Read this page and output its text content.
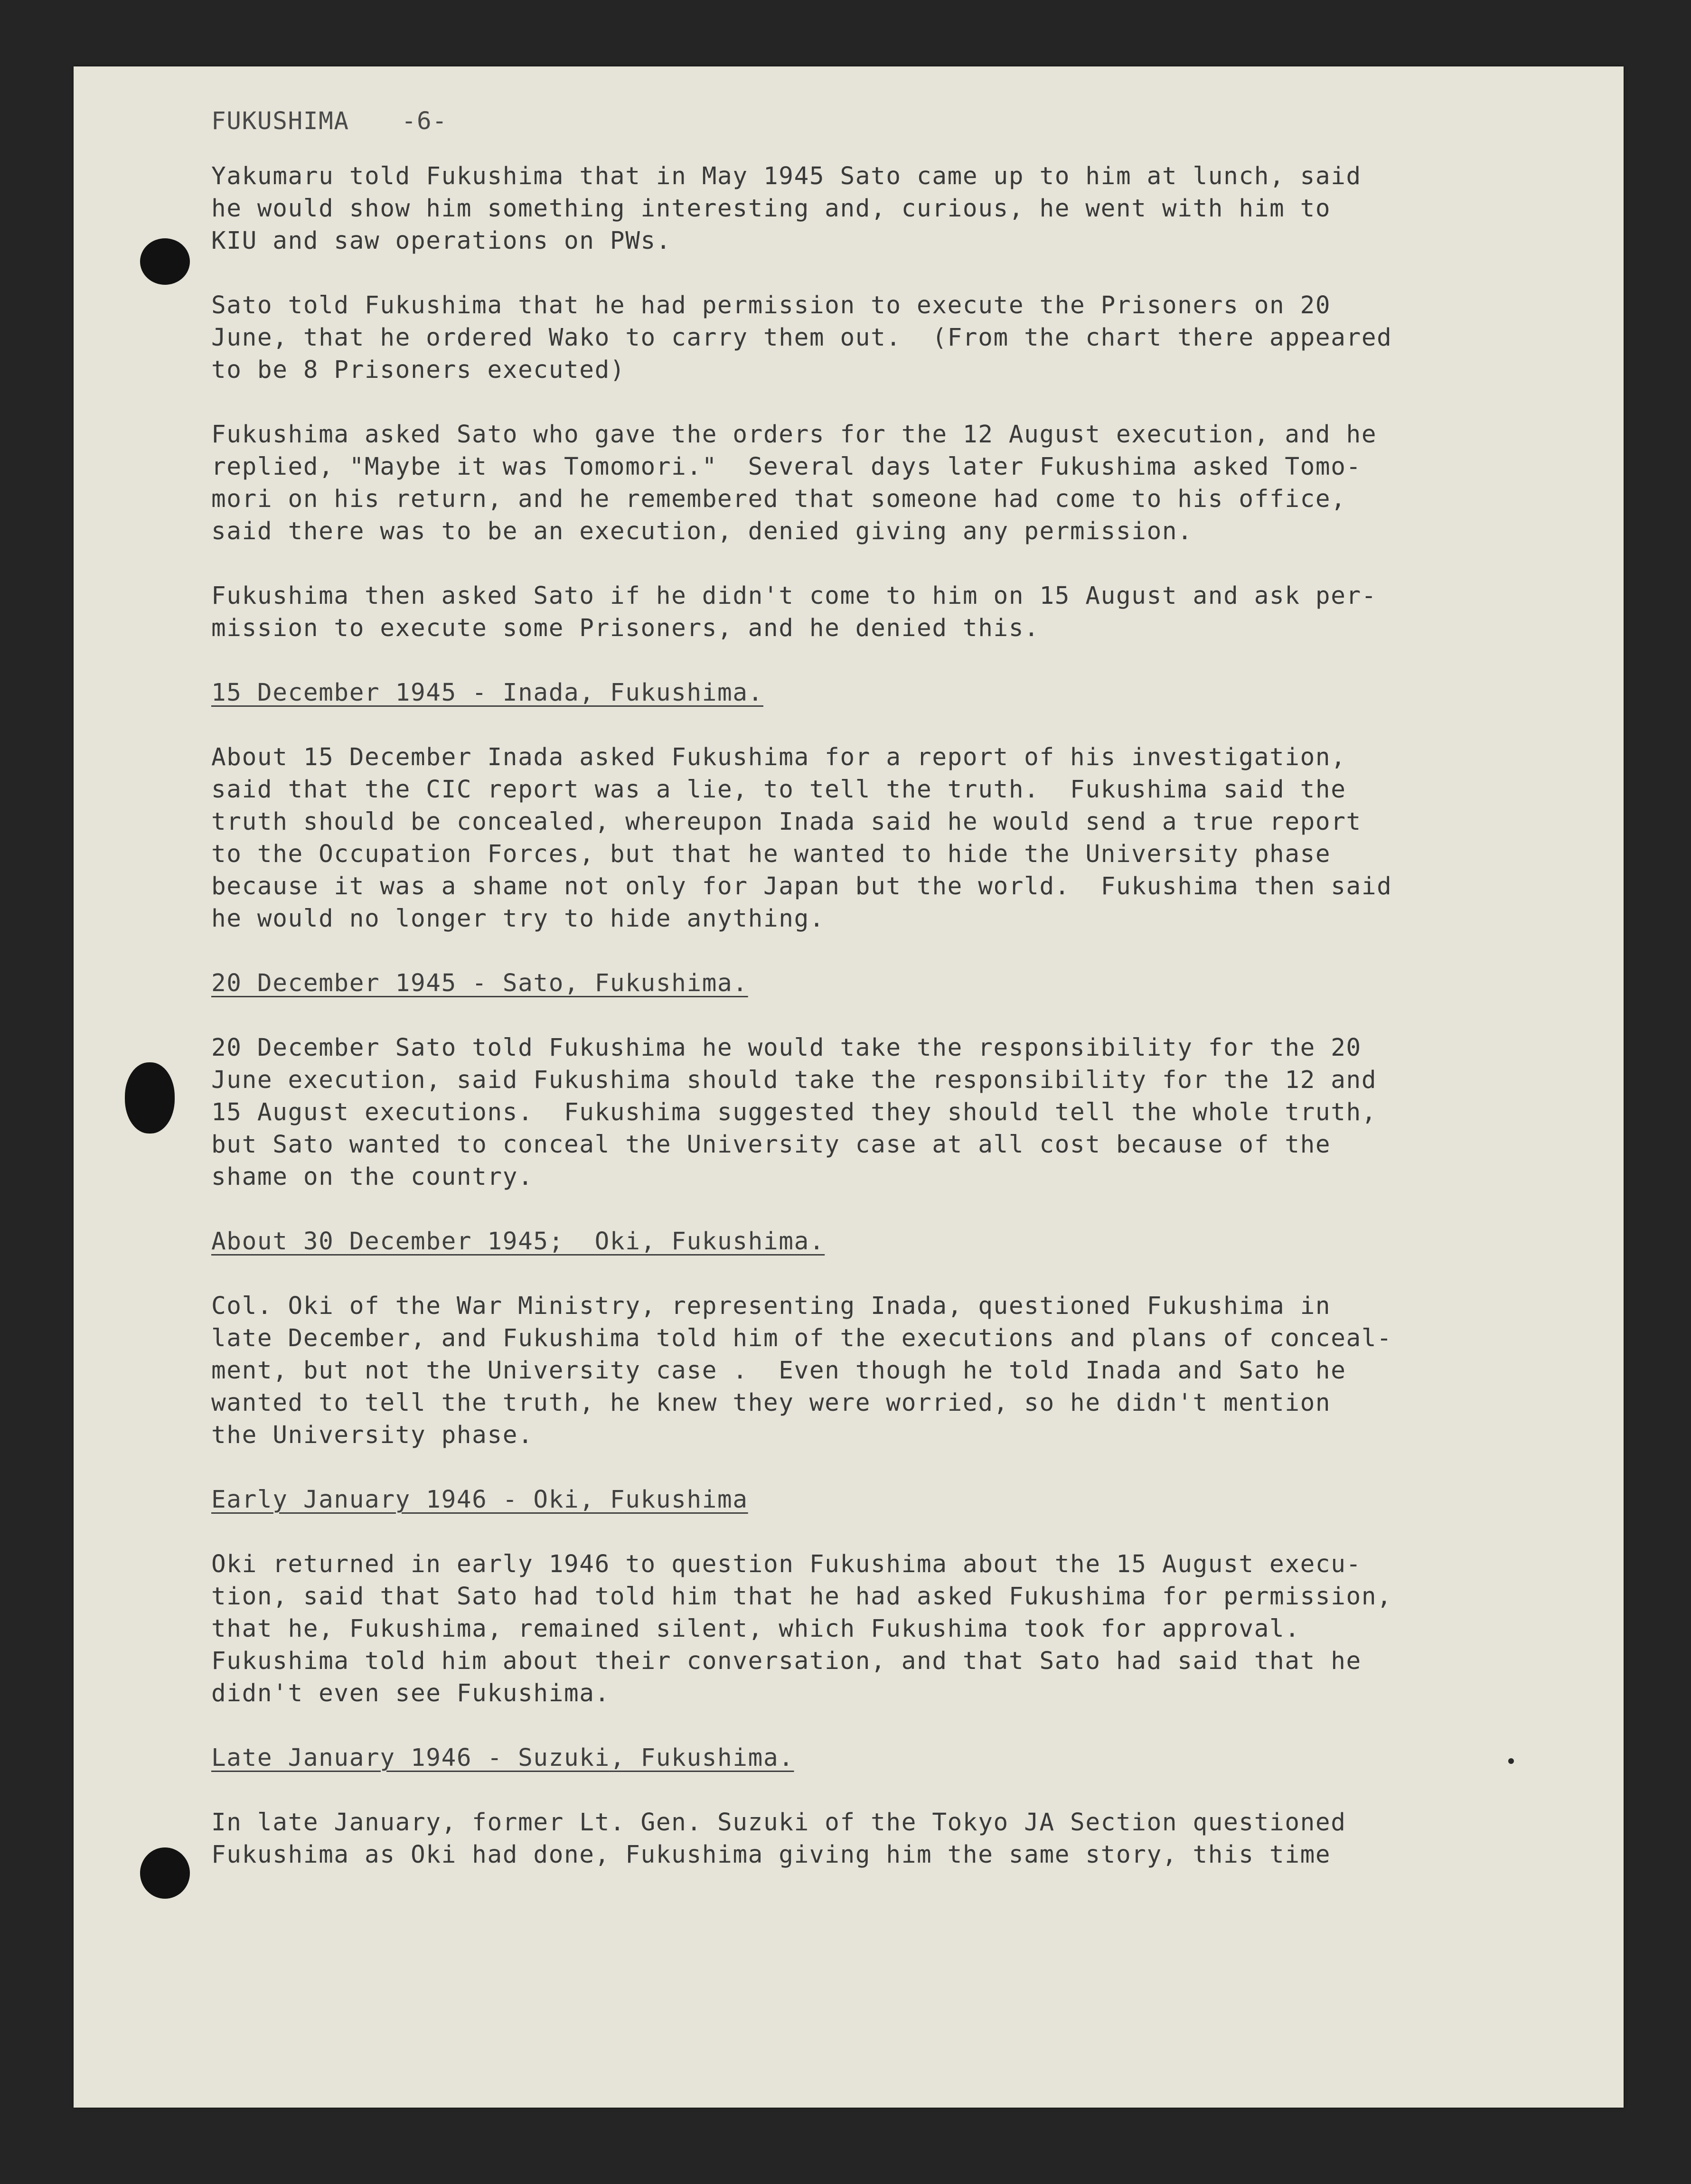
FUKUSHIMA -6-
Yakumaru told Fukushima that in May 1945 Sato came up to him at lunch, said
he would show him something interesting and, curious, he went with him to
KIU and saw operations on PWs.
Sato told Fukushima that he had permission to execute the Prisoners on 20
June, that he ordered Wako to carry them out.  (From the chart there appeared
to be 8 Prisoners executed)
Fukushima asked Sato who gave the orders for the 12 August execution, and he
replied, "Maybe it was Tomomori."  Several days later Fukushima asked Tomo-
mori on his return, and he remembered that someone had come to his office,
said there was to be an execution, denied giving any permission.
Fukushima then asked Sato if he didn't come to him on 15 August and ask per-
mission to execute some Prisoners, and he denied this.
15 December 1945 - Inada, Fukushima.
About 15 December Inada asked Fukushima for a report of his investigation,
said that the CIC report was a lie, to tell the truth.  Fukushima said the
truth should be concealed, whereupon Inada said he would send a true report
to the Occupation Forces, but that he wanted to hide the University phase
because it was a shame not only for Japan but the world.  Fukushima then said
he would no longer try to hide anything.
20 December 1945 - Sato, Fukushima.
20 December Sato told Fukushima he would take the responsibility for the 20
June execution, said Fukushima should take the responsibility for the 12 and
15 August executions.  Fukushima suggested they should tell the whole truth,
but Sato wanted to conceal the University case at all cost because of the
shame on the country.
About 30 December 1945;  Oki, Fukushima.
Col. Oki of the War Ministry, representing Inada, questioned Fukushima in
late December, and Fukushima told him of the executions and plans of conceal-
ment, but not the University case .  Even though he told Inada and Sato he
wanted to tell the truth, he knew they were worried, so he didn't mention
the University phase.
Early January 1946 - Oki, Fukushima
Oki returned in early 1946 to question Fukushima about the 15 August execu-
tion, said that Sato had told him that he had asked Fukushima for permission,
that he, Fukushima, remained silent, which Fukushima took for approval.
Fukushima told him about their conversation, and that Sato had said that he
didn't even see Fukushima.
Late January 1946 - Suzuki, Fukushima.
In late January, former Lt. Gen. Suzuki of the Tokyo JA Section questioned
Fukushima as Oki had done, Fukushima giving him the same story, this time
